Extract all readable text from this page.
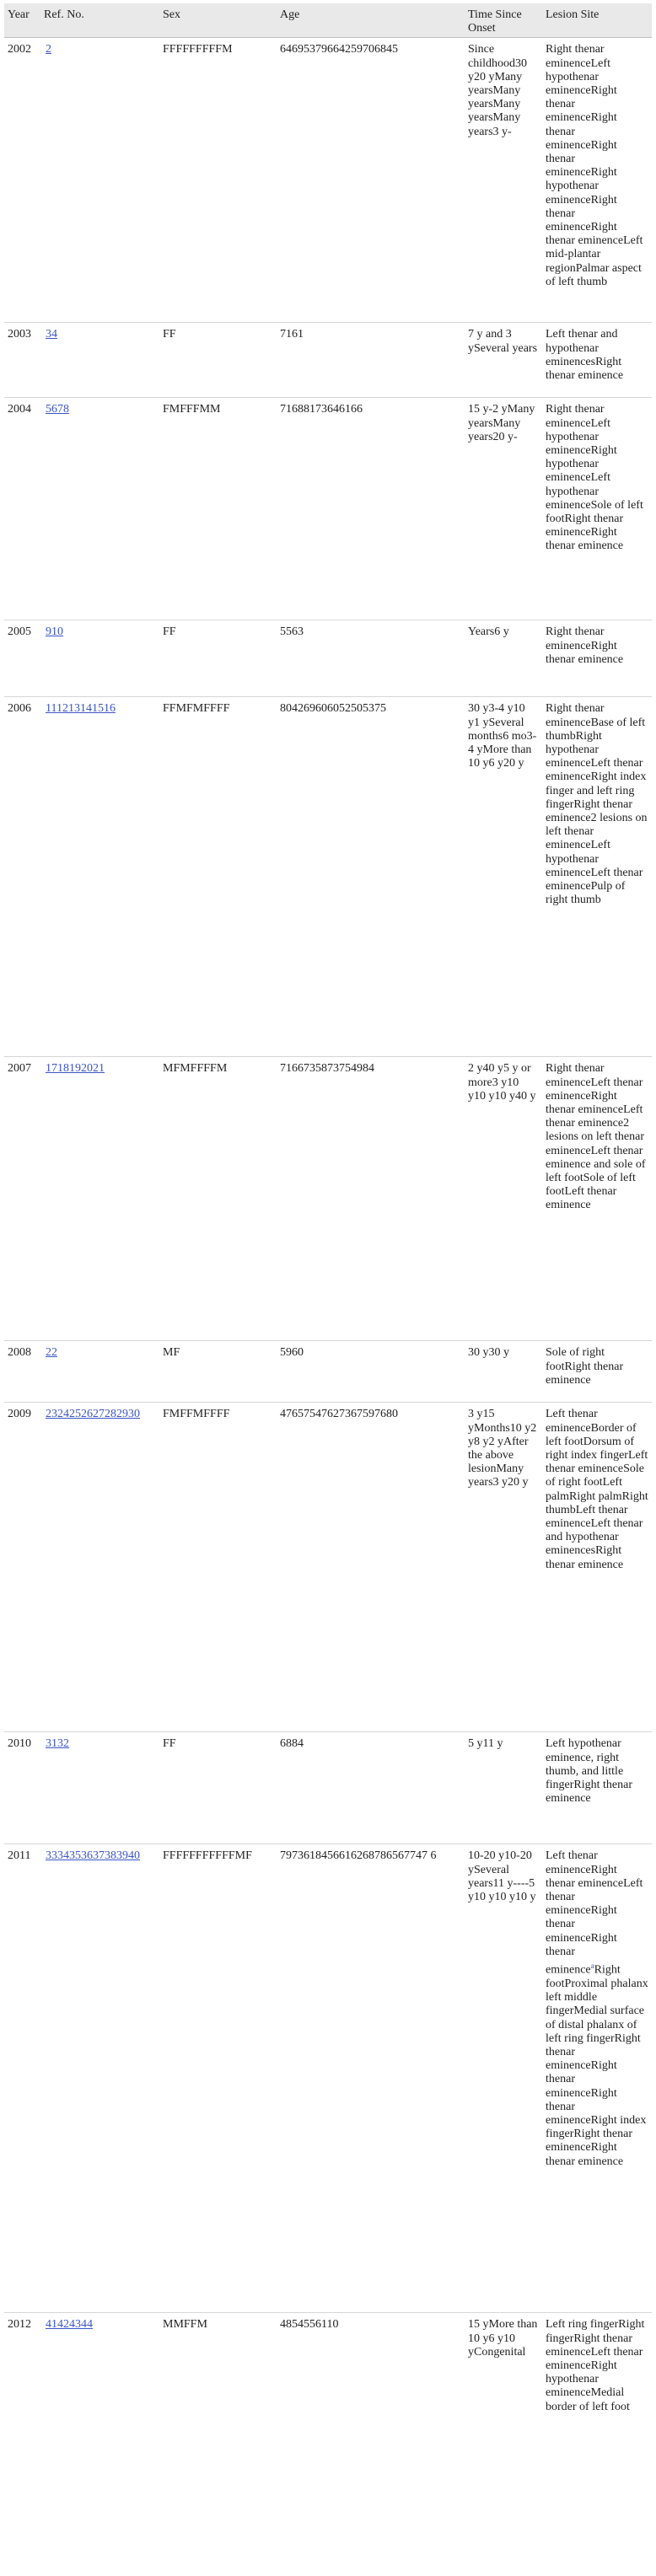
Year	Ref. No.	Sex	Age	Time Since Onset	Lesion Site
2002	2	FFFFFFFFFM	64695379664259706845	Since childhood30 y20 yMany yearsMany yearsMany yearsMany years3 y-	Right thenar eminenceLeft hypothenar eminenceRight thenar eminenceRight thenar eminenceRight thenar eminenceRight hypothenar eminenceRight thenar eminenceRight thenar eminenceLeft mid-plantar regionPalmar aspect of left thumb
2003	34	FF	7161	7 y and 3 ySeveral years	Left thenar and hypothenar eminencesRight thenar eminence
2004	5678	FMFFFMM	71688173646166	15 y-2 yMany yearsMany years20 y-	Right thenar eminenceLeft hypothenar eminenceRight hypothenar eminenceLeft hypothenar eminenceSole of left footRight thenar eminenceRight thenar eminence
2005	910	FF	5563	Years6 y	Right thenar eminenceRight thenar eminence
2006	111213141516	FFMFMFFFF	804269606052505375	30 y3-4 y10 y1 ySeveral months6 mo3-4 yMore than 10 y6 y20 y	Right thenar eminenceBase of left thumbRight hypothenar eminenceLeft thenar eminenceRight index finger and left ring fingerRight thenar eminence2 lesions on left thenar eminenceLeft hypothenar eminenceLeft thenar eminencePulp of right thumb
2007	1718192021	MFMFFFFM	7166735873754984	2 y40 y5 y or more3 y10 y10 y10 y40 y	Right thenar eminenceLeft thenar eminenceRight thenar eminenceLeft thenar eminence2 lesions on left thenar eminenceLeft thenar eminence and sole of left footSole of left footLeft thenar eminence
2008	22	MF	5960	30 y30 y	Sole of right footRight thenar eminence
2009	2324252627282930	FMFFMFFFF	47657547627367597680	3 y15 yMonths10 y2 y8 y2 yAfter the above lesionMany years3 y20 y	Left thenar eminenceBorder of left footDorsum of right index fingerLeft thenar eminenceSole of right footLeft palmRight palmRight thumbLeft thenar eminenceLeft thenar and hypothenar eminencesRight thenar eminence
2010	3132	FF	6884	5 y11 y	Left hypothenar eminence, right thumb, and little fingerRight thenar eminence
2011	3334353637383940	FFFFFFFFFFFMF	7973618456616268786567747 6	10-20 y10-20 ySeveral years11 y----5 y10 y10 y10 y	Left thenar eminenceRight thenar eminenceLeft thenar eminenceRight thenar eminenceRight thenar eminence$^a$Right footProximal phalanx left middle fingerMedial surface of distal phalanx of left ring fingerRight thenar eminenceRight thenar eminenceRight thenar eminenceRight index fingerRight thenar eminenceRight thenar eminence
2012	41424344	MMFFM	4854556110	15 yMore than 10 y6 y10 yCongenital	Left ring fingerRight fingerRight thenar eminenceLeft thenar eminenceRight hypothenar eminenceMedial border of left foot
